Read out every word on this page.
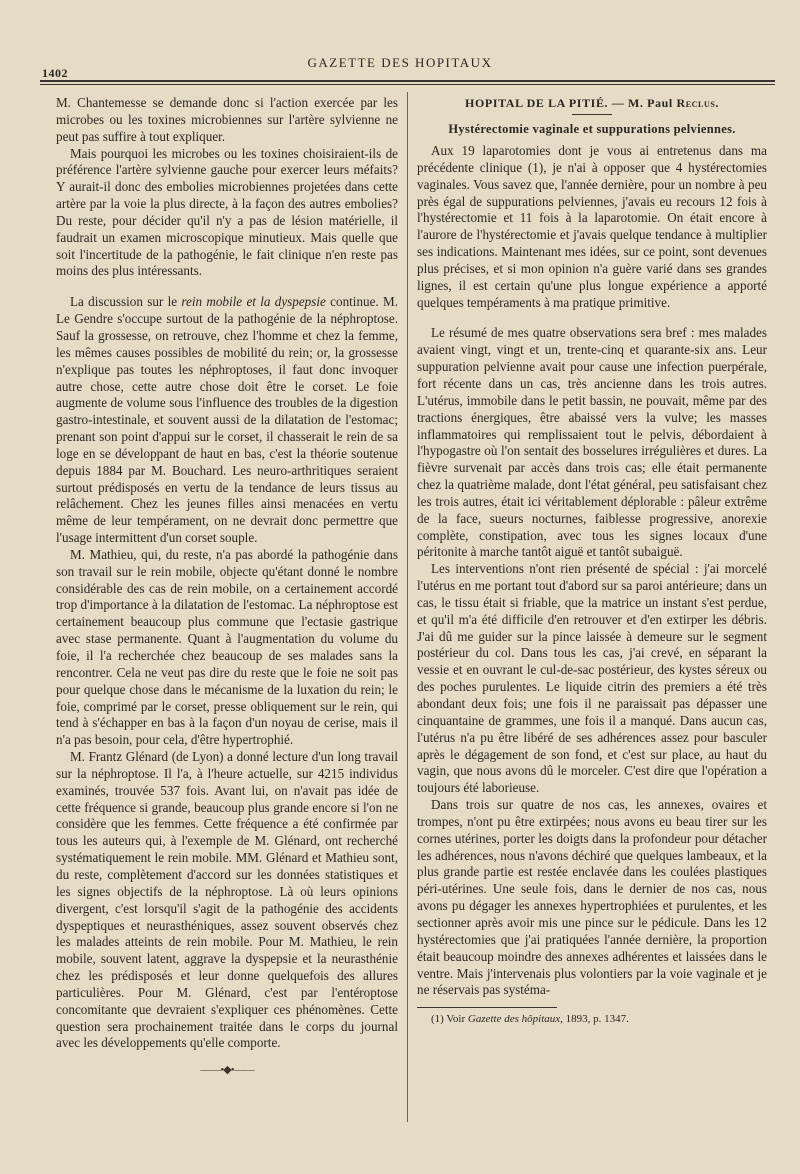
1402
GAZETTE DES HOPITAUX

M. Chantemesse se demande donc si l'action exercée par les microbes ou les toxines microbiennes sur l'artère sylvienne ne peut pas suffire à tout expliquer.

Mais pourquoi les microbes ou les toxines choisiraient-ils de préférence l'artère sylvienne gauche pour exercer leurs méfaits? Y aurait-il donc des embolies microbiennes projetées dans cette artère par la voie la plus directe, à la façon des autres embolies? Du reste, pour décider qu'il n'y a pas de lésion matérielle, il faudrait un examen microscopique minutieux. Mais quelle que soit l'incertitude de la pathogénie, le fait clinique n'en reste pas moins des plus intéressants.

La discussion sur le rein mobile et la dyspepsie continue. M. Le Gendre s'occupe surtout de la pathogénie de la néphroptose. Sauf la grossesse, on retrouve, chez l'homme et chez la femme, les mêmes causes possibles de mobilité du rein; or, la grossesse n'explique pas toutes les néphroptoses, il faut donc invoquer autre chose, cette autre chose doit être le corset. Le foie augmente de volume sous l'influence des troubles de la digestion gastro-intestinale, et souvent aussi de la dilatation de l'estomac; prenant son point d'appui sur le corset, il chasserait le rein de sa loge en se développant de haut en bas, c'est la théorie soutenue depuis 1884 par M. Bouchard. Les neuro-arthritiques seraient surtout prédisposés en vertu de la tendance de leurs tissus au relâchement. Chez les jeunes filles ainsi menacées en vertu même de leur tempérament, on ne devrait donc permettre que l'usage intermittent d'un corset souple.

M. Mathieu, qui, du reste, n'a pas abordé la pathogénie dans son travail sur le rein mobile, objecte qu'étant donné le nombre considérable des cas de rein mobile, on a certainement accordé trop d'importance à la dilatation de l'estomac. La néphroptose est certainement beaucoup plus commune que l'ectasie gastrique avec stase permanente. Quant à l'augmentation du volume du foie, il l'a recherchée chez beaucoup de ses malades sans la rencontrer. Cela ne veut pas dire du reste que le foie ne soit pas pour quelque chose dans le mécanisme de la luxation du rein; le foie, comprimé par le corset, presse obliquement sur le rein, qui tend à s'échapper en bas à la façon d'un noyau de cerise, mais il n'a pas besoin, pour cela, d'être hypertrophié.

M. Frantz Glénard (de Lyon) a donné lecture d'un long travail sur la néphroptose. Il l'a, à l'heure actuelle, sur 4215 individus examinés, trouvée 537 fois. Avant lui, on n'avait pas idée de cette fréquence si grande, beaucoup plus grande encore si l'on ne considère que les femmes. Cette fréquence a été confirmée par tous les auteurs qui, à l'exemple de M. Glénard, ont recherché systématiquement le rein mobile. MM. Glénard et Mathieu sont, du reste, complètement d'accord sur les données statistiques et les signes objectifs de la néphroptose. Là où leurs opinions divergent, c'est lorsqu'il s'agit de la pathogénie des accidents dyspeptiques et neurasthéniques, assez souvent observés chez les malades atteints de rein mobile. Pour M. Mathieu, le rein mobile, souvent latent, aggrave la dyspepsie et la neurasthénie chez les prédisposés et leur donne quelquefois des allures particulières. Pour M. Glénard, c'est par l'entéroptose concomitante que devraient s'expliquer ces phénomènes. Cette question sera prochainement traitée dans le corps du journal avec les développements qu'elle comporte.

——•◆•——
HOPITAL DE LA PITIÉ. — M. Paul Reclus.
Hystérectomie vaginale et suppurations pelviennes.

Aux 19 laparotomies dont je vous ai entretenus dans ma précédente clinique (1), je n'ai à opposer que 4 hystérectomies vaginales. Vous savez que, l'année dernière, pour un nombre à peu près égal de suppurations pelviennes, j'avais eu recours 12 fois à l'hystérectomie et 11 fois à la laparotomie. On était encore à l'aurore de l'hystérectomie et j'avais quelque tendance à multiplier ses indications. Maintenant mes idées, sur ce point, sont devenues plus précises, et si mon opinion n'a guère varié dans ses grandes lignes, il est certain qu'une plus longue expérience a apporté quelques tempéraments à ma pratique primitive.

Le résumé de mes quatre observations sera bref : mes malades avaient vingt, vingt et un, trente-cinq et quarante-six ans. Leur suppuration pelvienne avait pour cause une infection puerpérale, fort récente dans un cas, très ancienne dans les trois autres. L'utérus, immobile dans le petit bassin, ne pouvait, même par des tractions énergiques, être abaissé vers la vulve; les masses inflammatoires qui remplissaient tout le pelvis, débordaient à l'hypogastre où l'on sentait des bosselures irrégulières et dures. La fièvre survenait par accès dans trois cas; elle était permanente chez la quatrième malade, dont l'état général, peu satisfaisant chez les trois autres, était ici véritablement déplorable : pâleur extrême de la face, sueurs nocturnes, faiblesse progressive, anorexie complète, constipation, avec tous les signes locaux d'une péritonite à marche tantôt aiguë et tantôt subaiguë.

Les interventions n'ont rien présenté de spécial : j'ai morcelé l'utérus en me portant tout d'abord sur sa paroi antérieure; dans un cas, le tissu était si friable, que la matrice un instant s'est perdue, et qu'il m'a été difficile d'en retrouver et d'en extirper les débris. J'ai dû me guider sur la pince laissée à demeure sur le segment postérieur du col. Dans tous les cas, j'ai crevé, en séparant la vessie et en ouvrant le cul-de-sac postérieur, des kystes séreux ou des poches purulentes. Le liquide citrin des premiers a été très abondant deux fois; une fois il ne paraissait pas dépasser une cinquantaine de grammes, une fois il a manqué. Dans aucun cas, l'utérus n'a pu être libéré de ses adhérences assez pour basculer après le dégagement de son fond, et c'est sur place, au haut du vagin, que nous avons dû le morceler. C'est dire que l'opération a toujours été laborieuse.

Dans trois sur quatre de nos cas, les annexes, ovaires et trompes, n'ont pu être extirpées; nous avons eu beau tirer sur les cornes utérines, porter les doigts dans la profondeur pour détacher les adhérences, nous n'avons déchiré que quelques lambeaux, et la plus grande partie est restée enclavée dans les coulées plastiques péri-utérines. Une seule fois, dans le dernier de nos cas, nous avons pu dégager les annexes hypertrophiées et purulentes, et les sectionner après avoir mis une pince sur le pédicule. Dans les 12 hystérectomies que j'ai pratiquées l'année dernière, la proportion était beaucoup moindre des annexes adhérentes et laissées dans le ventre. Mais j'intervenais plus volontiers par la voie vaginale et je ne réservais pas systéma-

(1) Voir Gazette des hôpitaux, 1893, p. 1347.
